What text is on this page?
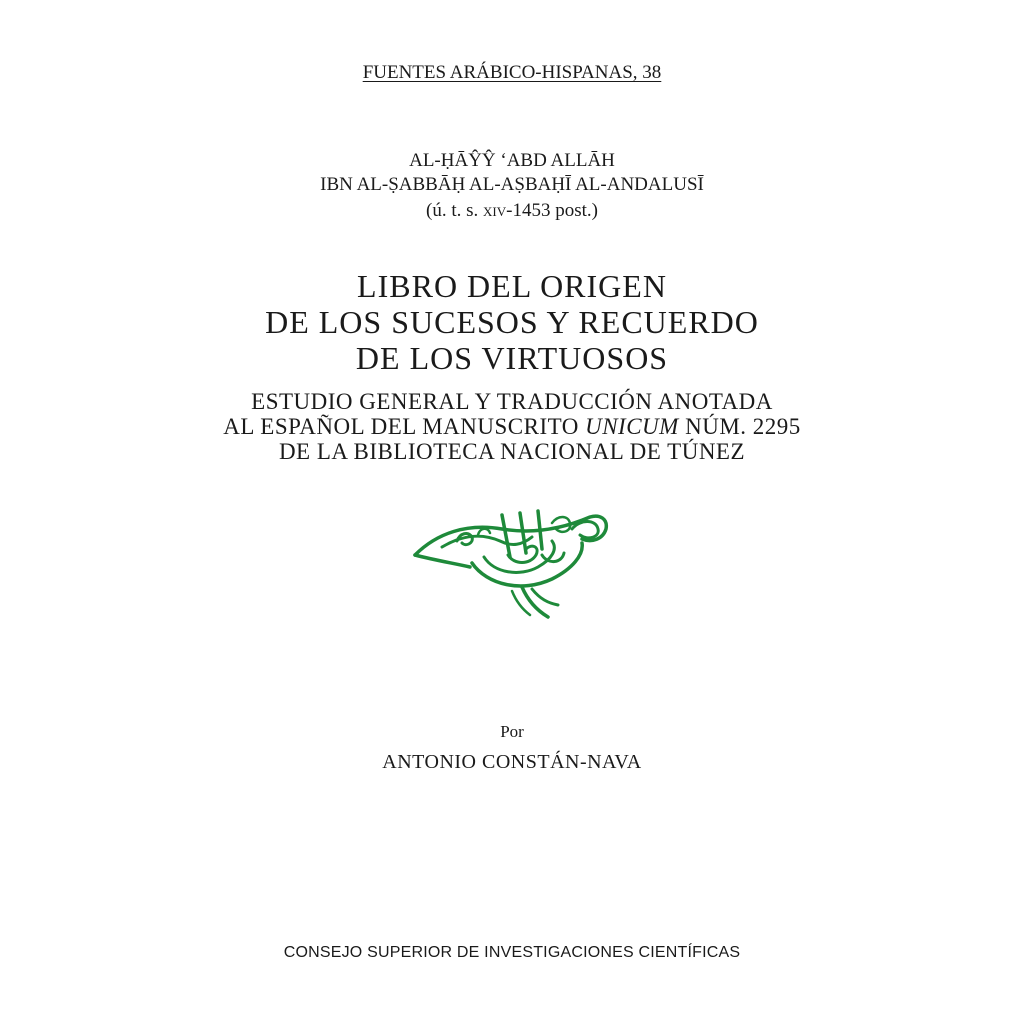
FUENTES ARÁBICO-HISPANAS, 38

AL-ḤĀŶŶ ‘ABD ALLĀH

IBN AL-ṢABBĀḤ AL-AṢBAḤĪ AL-ANDALUSĪ

(ú. t. s. xiv-1453 post.)

LIBRO DEL ORIGEN

DE LOS SUCESOS Y RECUERDO

DE LOS VIRTUOSOS

ESTUDIO GENERAL Y TRADUCCIÓN ANOTADA

AL ESPAÑOL DEL MANUSCRITO UNICUM NÚM. 2295

DE LA BIBLIOTECA NACIONAL DE TÚNEZ

Por

ANTONIO CONSTÁN-NAVA

CONSEJO SUPERIOR DE INVESTIGACIONES CIENTÍFICAS
